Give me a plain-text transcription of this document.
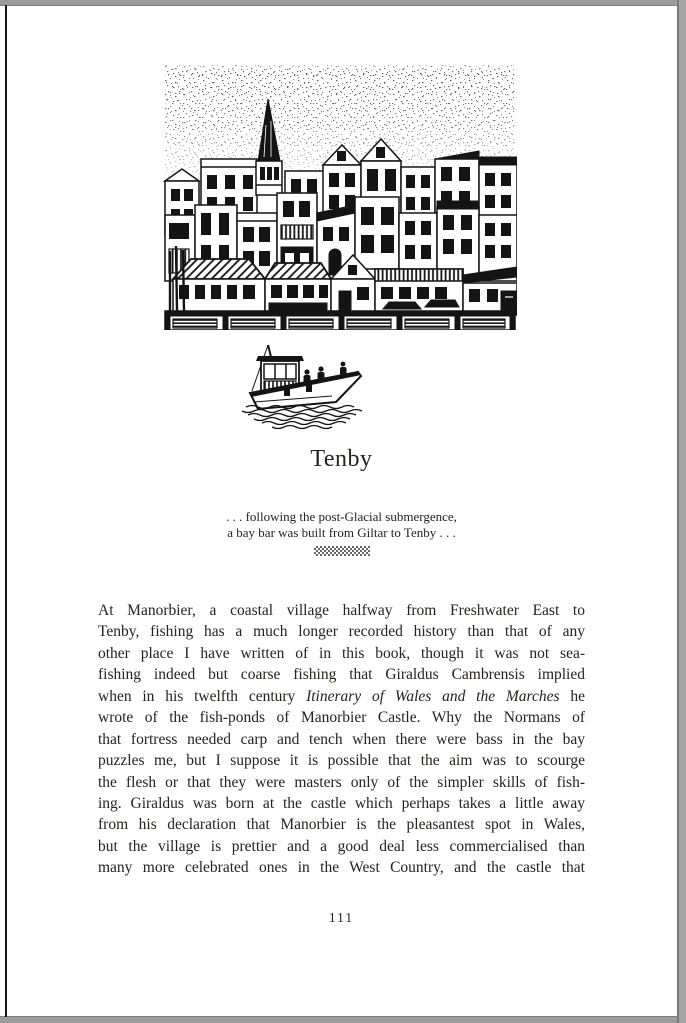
Tenby
. . . following the post-Glacial submergence,
a bay bar was built from Giltar to Tenby . . .
At Manorbier, a coastal village halfway from Freshwater East to
Tenby, fishing has a much longer recorded history than that of any
other place I have written of in this book, though it was not sea-
fishing indeed but coarse fishing that Giraldus Cambrensis implied
when in his twelfth century Itinerary of Wales and the Marches he
wrote of the fish-ponds of Manorbier Castle. Why the Normans of
that fortress needed carp and tench when there were bass in the bay
puzzles me, but I suppose it is possible that the aim was to scourge
the flesh or that they were masters only of the simpler skills of fish-
ing. Giraldus was born at the castle which perhaps takes a little away
from his declaration that Manorbier is the pleasantest spot in Wales,
but the village is prettier and a good deal less commercialised than
many more celebrated ones in the West Country, and the castle that
111
